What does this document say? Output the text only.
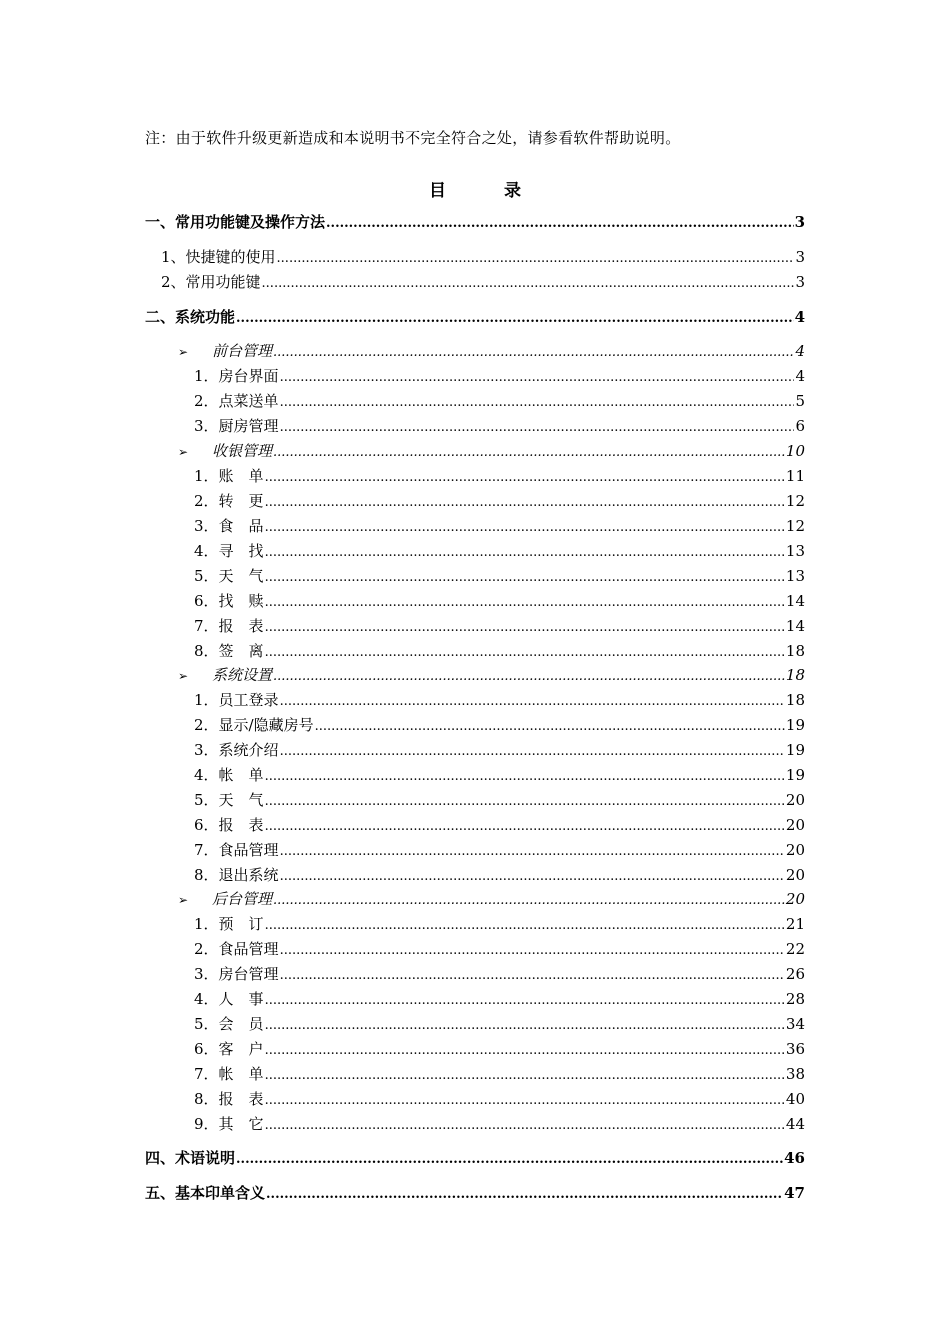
注：由于软件升级更新造成和本说明书不完全符合之处，请参看软件帮助说明。
目 录
一、常用功能键及操作方法 .....	3
1、快捷键的使用 .....	3
2、常用功能键 .....	3
二、系统功能 .....	4
➢ 前台管理 .....	4
1．房台界面 .....	4
2．点菜送单 .....	5
3．厨房管理 .....	6
➢ 收银管理 .....	10
1．账　单 .....	11
2．转　更 .....	12
3．食　品 .....	12
4．寻　找 .....	13
5．天　气 .....	13
6．找　赎 .....	14
7．报　表 .....	14
8．签　离 .....	18
➢ 系统设置 .....	18
1．员工登录 .....	18
2．显示/隐藏房号 .....	19
3．系统介绍 .....	19
4．帐　单 .....	19
5．天　气 .....	20
6．报　表 .....	20
7．食品管理 .....	20
8．退出系统 .....	20
➢ 后台管理 .....	20
1．预　订 .....	21
2．食品管理 .....	22
3．房台管理 .....	26
4．人　事 .....	28
5．会　员 .....	34
6．客　户 .....	36
7．帐　单 .....	38
8．报　表 .....	40
9．其　它 .....	44
四、术语说明 .....	46
五、基本印单含义 .....	47
